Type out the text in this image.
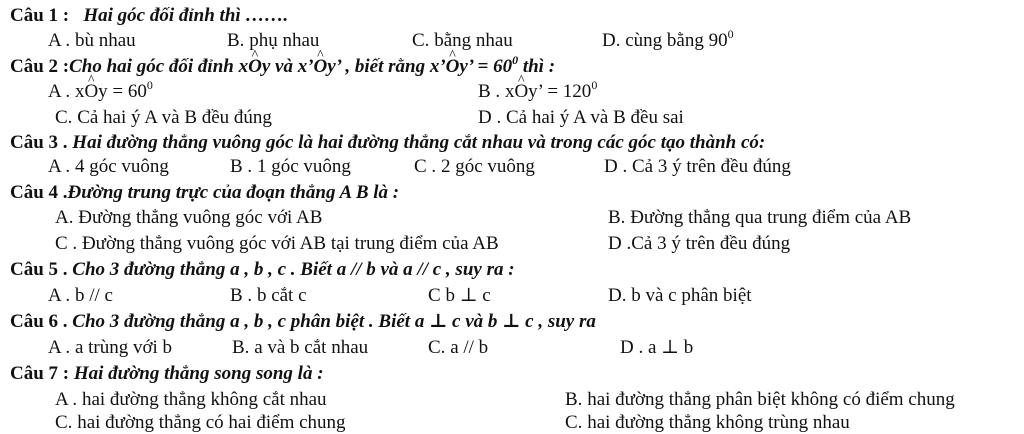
Câu 1 : Hai góc đối đỉnh thì …….
A . bù nhau	B. phụ nhau	C. bằng nhau	D. cùng bằng $90^0$
Câu 2 :Cho hai góc đối đỉnh x^ Oy và x’^ Oy’ , biết rằng x’^ Oy’ = $60^0$ thì :
A . x^ $Oy = 60^0$	B . x^ Oy’ = $120^0$
C. Cả hai ý A và B đều đúng	D . Cả hai ý A và B đều sai
Câu 3 . Hai đường thẳng vuông góc là hai đường thẳng cắt nhau và trong các góc tạo thành có:
A . 4 góc vuông	B . 1 góc vuông	C . 2 góc vuông	D . Cả 3 ý trên đều đúng
Câu 4 .Đường trung trực của đoạn thẳng A B là :
A. Đường thẳng vuông góc với AB	B. Đường thẳng qua trung điểm của AB
C . Đường thẳng vuông góc với AB tại trung điểm của AB	D .Cả 3 ý trên đều đúng
Câu 5 . Cho 3 đường thẳng a , b , c . Biết a // b và a // c , suy ra :
A . b // c	B . b cắt c	C b ⊥ c	D. b và c phân biệt
Câu 6 . Cho 3 đường thẳng a , b , c phân biệt . Biết a ⊥ c và b ⊥ c , suy ra
A . a trùng với b	B. a và b cắt nhau	C. a // b	D . a ⊥ b
Câu 7 : Hai đường thẳng song song là :
A . hai đường thẳng không cắt nhau	B. hai đường thẳng phân biệt không có điểm chung
C. hai đường thẳng có hai điểm chung	C. hai đường thẳng không trùng nhau
